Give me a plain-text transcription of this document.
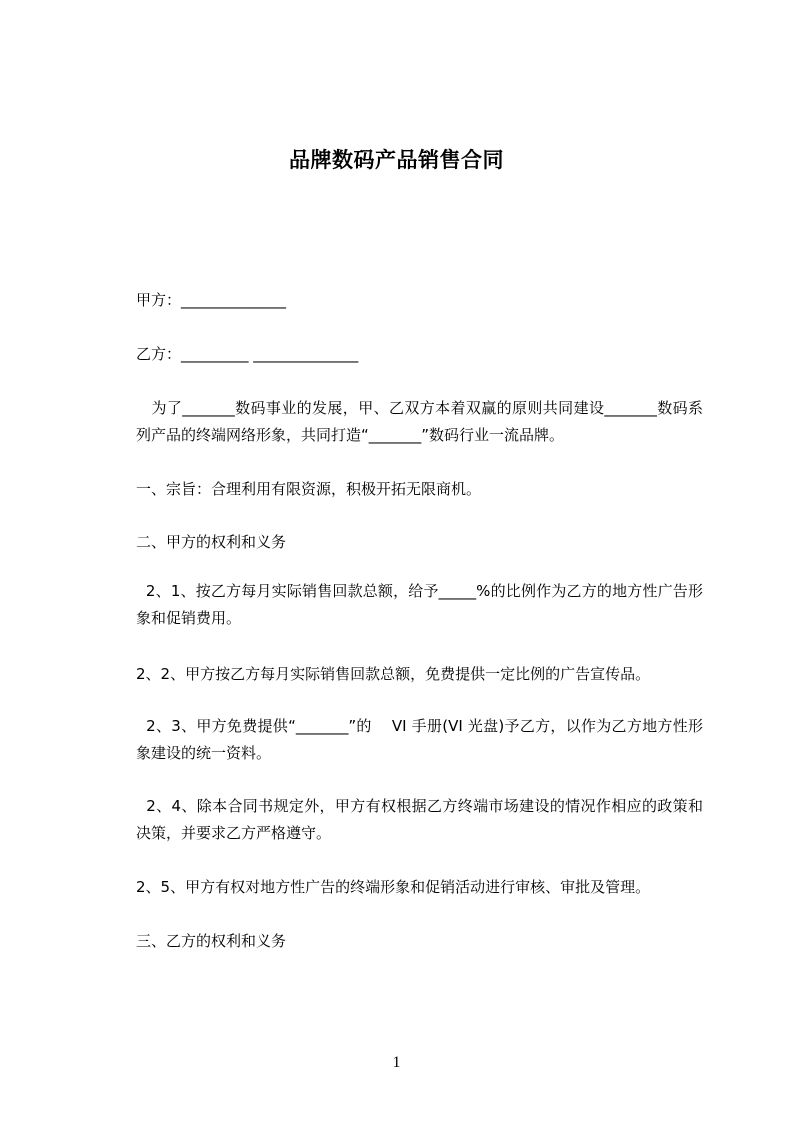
品牌数码产品销售合同
甲方：______________
乙方：_________ ______________
为了_______数码事业的发展，甲、乙双方本着双赢的原则共同建设_______数码系列产品的终端网络形象，共同打造“_______”数码行业一流品牌。
一、宗旨：合理利用有限资源，积极开拓无限商机。
二、甲方的权利和义务
2、1、按乙方每月实际销售回款总额，给予_____%的比例作为乙方的地方性广告形象和促销费用。
2、2、甲方按乙方每月实际销售回款总额，免费提供一定比例的广告宣传品。
2、3、甲方免费提供“_______”的    VI 手册(VI 光盘)予乙方，以作为乙方地方性形象建设的统一资料。
2、4、除本合同书规定外，甲方有权根据乙方终端市场建设的情况作相应的政策和决策，并要求乙方严格遵守。
2、5、甲方有权对地方性广告的终端形象和促销活动进行审核、审批及管理。
三、乙方的权利和义务
1
